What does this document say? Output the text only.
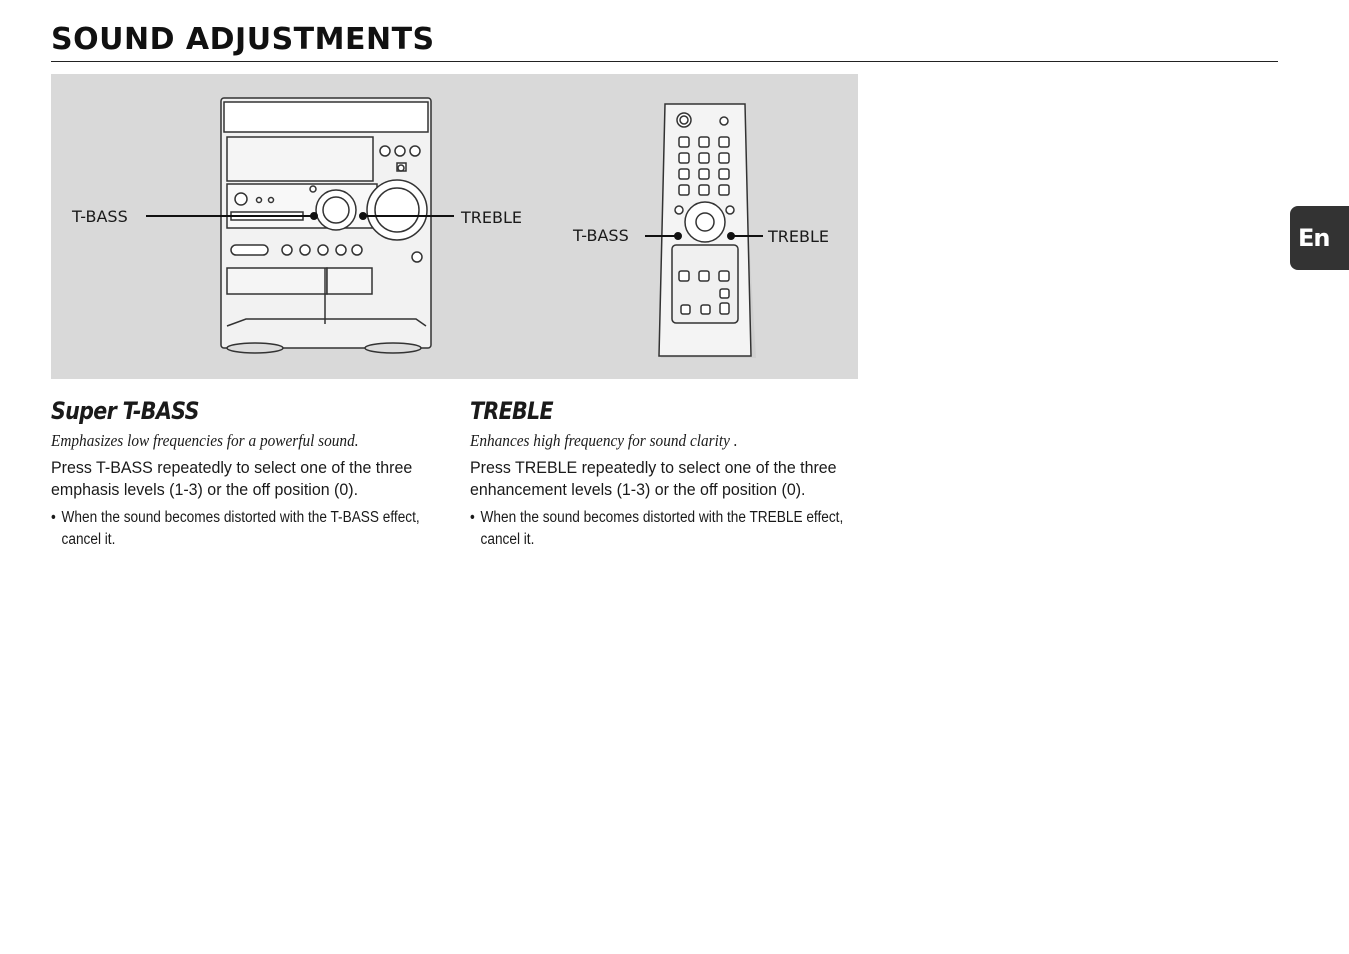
SOUND ADJUSTMENTS
T-BASS	TREBLE
T-BASS	TREBLE
Super T-BASS

Emphasizes low frequencies for a powerful sound.

Press T-BASS repeatedly to select one of the three emphasis levels (1-3) or the off position (0).

• When the sound becomes distorted with the T-BASS effect, cancel it.

TREBLE

Enhances high frequency for sound clarity .

Press TREBLE repeatedly to select one of the three enhancement levels (1-3) or the off position (0).

• When the sound becomes distorted with the TREBLE effect, cancel it.

En
